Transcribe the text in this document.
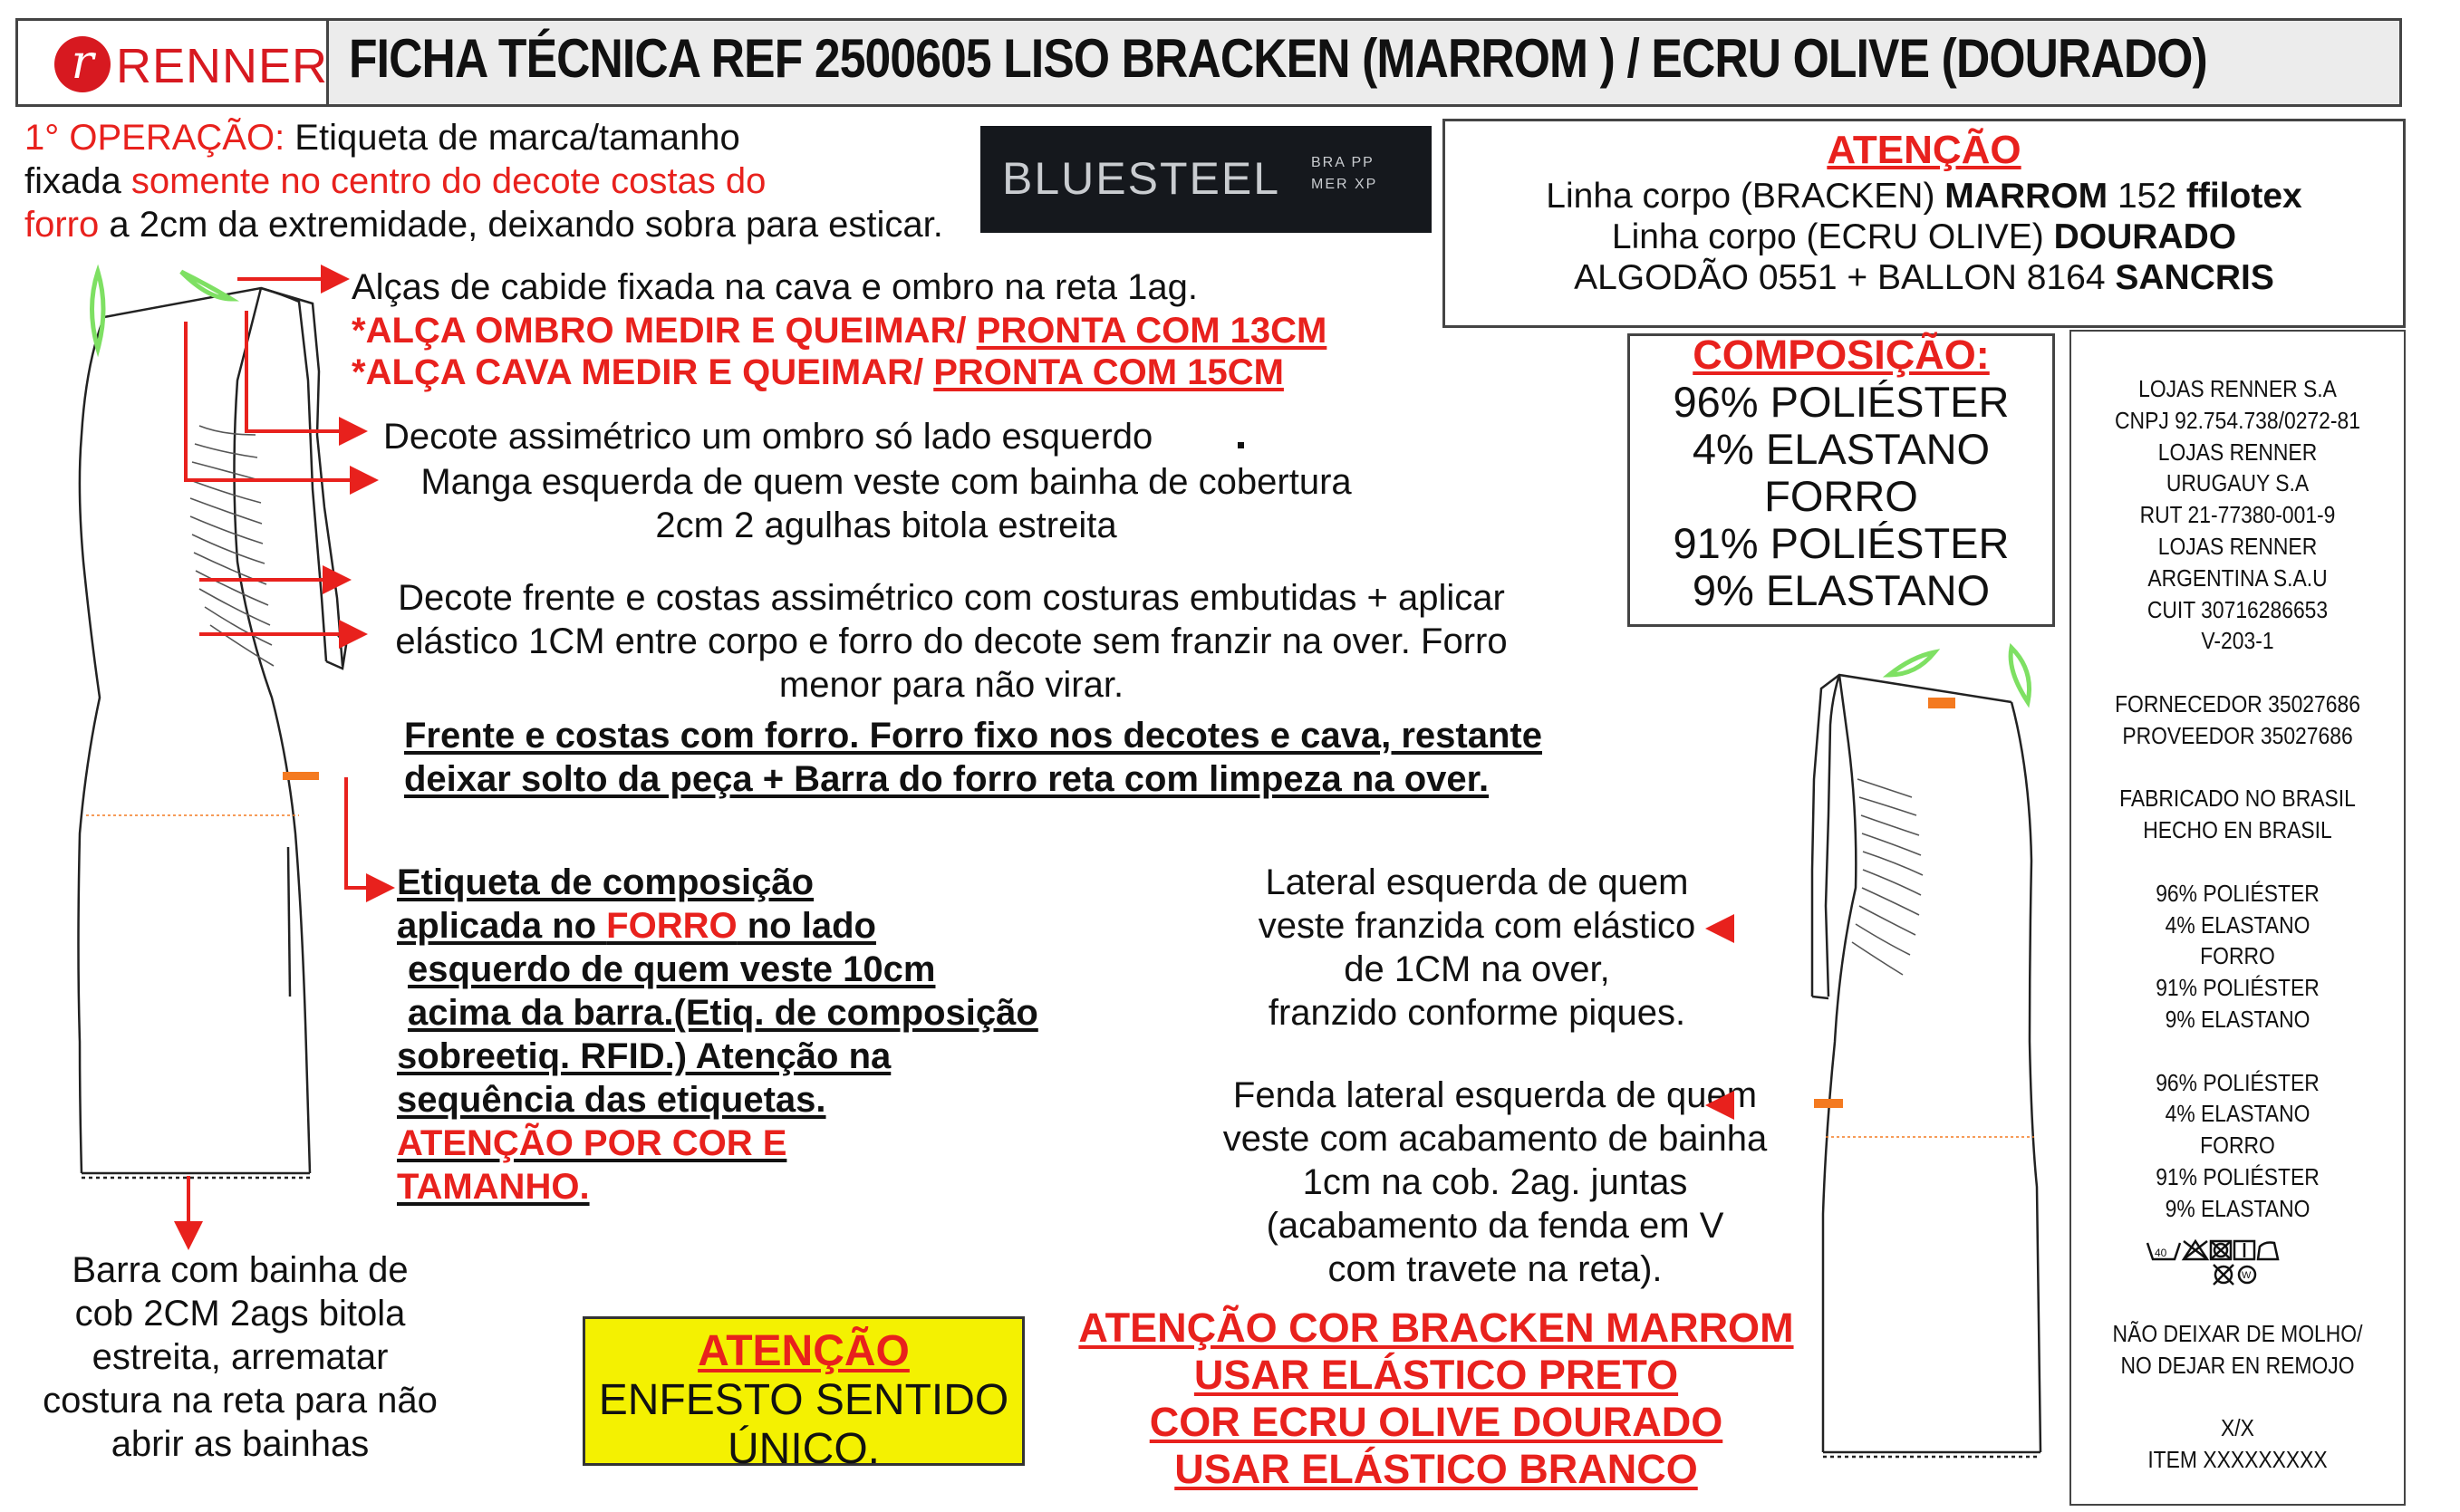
r RENNER FICHA TÉCNICA REF 2500605 LISO BRACKEN (MARROM ) / ECRU OLIVE (DOURADO)
1° OPERAÇÃO: Etiqueta de marca/tamanho
fixada somente no centro do decote costas do
forro a 2cm da extremidade, deixando sobra para esticar.
BLUESTEEL BRA PP
MER XP
ATENÇÃO
Linha corpo (BRACKEN) MARROM 152 ffilotex
Linha corpo (ECRU OLIVE) DOURADO
ALGODÃO 0551 + BALLON 8164 SANCRIS
COMPOSIÇÃO:
96% POLIÉSTER
4% ELASTANO
FORRO
91% POLIÉSTER
9% ELASTANO
LOJAS RENNER S.A
CNPJ 92.754.738/0272-81
LOJAS RENNER
URUGAUY S.A
RUT 21-77380-001-9
LOJAS RENNER
ARGENTINA S.A.U
CUIT 30716286653
V-203-1
FORNECEDOR 35027686
PROVEEDOR 35027686
FABRICADO NO BRASIL
HECHO EN BRASIL
96% POLIÉSTER
4% ELASTANO
FORRO
91% POLIÉSTER
9% ELASTANO
96% POLIÉSTER
4% ELASTANO
FORRO
91% POLIÉSTER
9% ELASTANO
NÃO DEIXAR DE MOLHO/
NO DEJAR EN REMOJO
X/X
ITEM XXXXXXXXX
Alças de cabide fixada na cava e ombro na reta 1ag.
*ALÇA OMBRO MEDIR E QUEIMAR/ PRONTA COM 13CM
*ALÇA CAVA MEDIR E QUEIMAR/ PRONTA COM 15CM
Decote assimétrico um ombro só lado esquerdo
Manga esquerda de quem veste com bainha de cobertura
2cm 2 agulhas bitola estreita
Decote frente e costas assimétrico com costuras embutidas + aplicar
elástico 1CM entre corpo e forro do decote sem franzir na over. Forro
menor para não virar.
Frente e costas com forro. Forro fixo nos decotes e cava, restante
deixar solto da peça + Barra do forro reta com limpeza na over.
Etiqueta de composição
aplicada no FORRO no lado
esquerdo de quem veste 10cm
acima da barra.(Etiq. de composição
sobreetiq. RFID.) Atenção na
sequência das etiquetas.
ATENÇÃO POR COR E
TAMANHO.
Lateral esquerda de quem
veste franzida com elástico
de 1CM na over,
franzido conforme piques.
Fenda lateral esquerda de quem
veste com acabamento de bainha
1cm na cob. 2ag. juntas
(acabamento da fenda em V
com travete na reta).
Barra com bainha de
cob 2CM 2ags bitola
estreita, arrematar
costura na reta para não
abrir as bainhas
ATENÇÃO
ENFESTO SENTIDO
ÚNICO.
ATENÇÃO COR BRACKEN MARROM
USAR ELÁSTICO PRETO
COR ECRU OLIVE DOURADO
USAR ELÁSTICO BRANCO
40
W
